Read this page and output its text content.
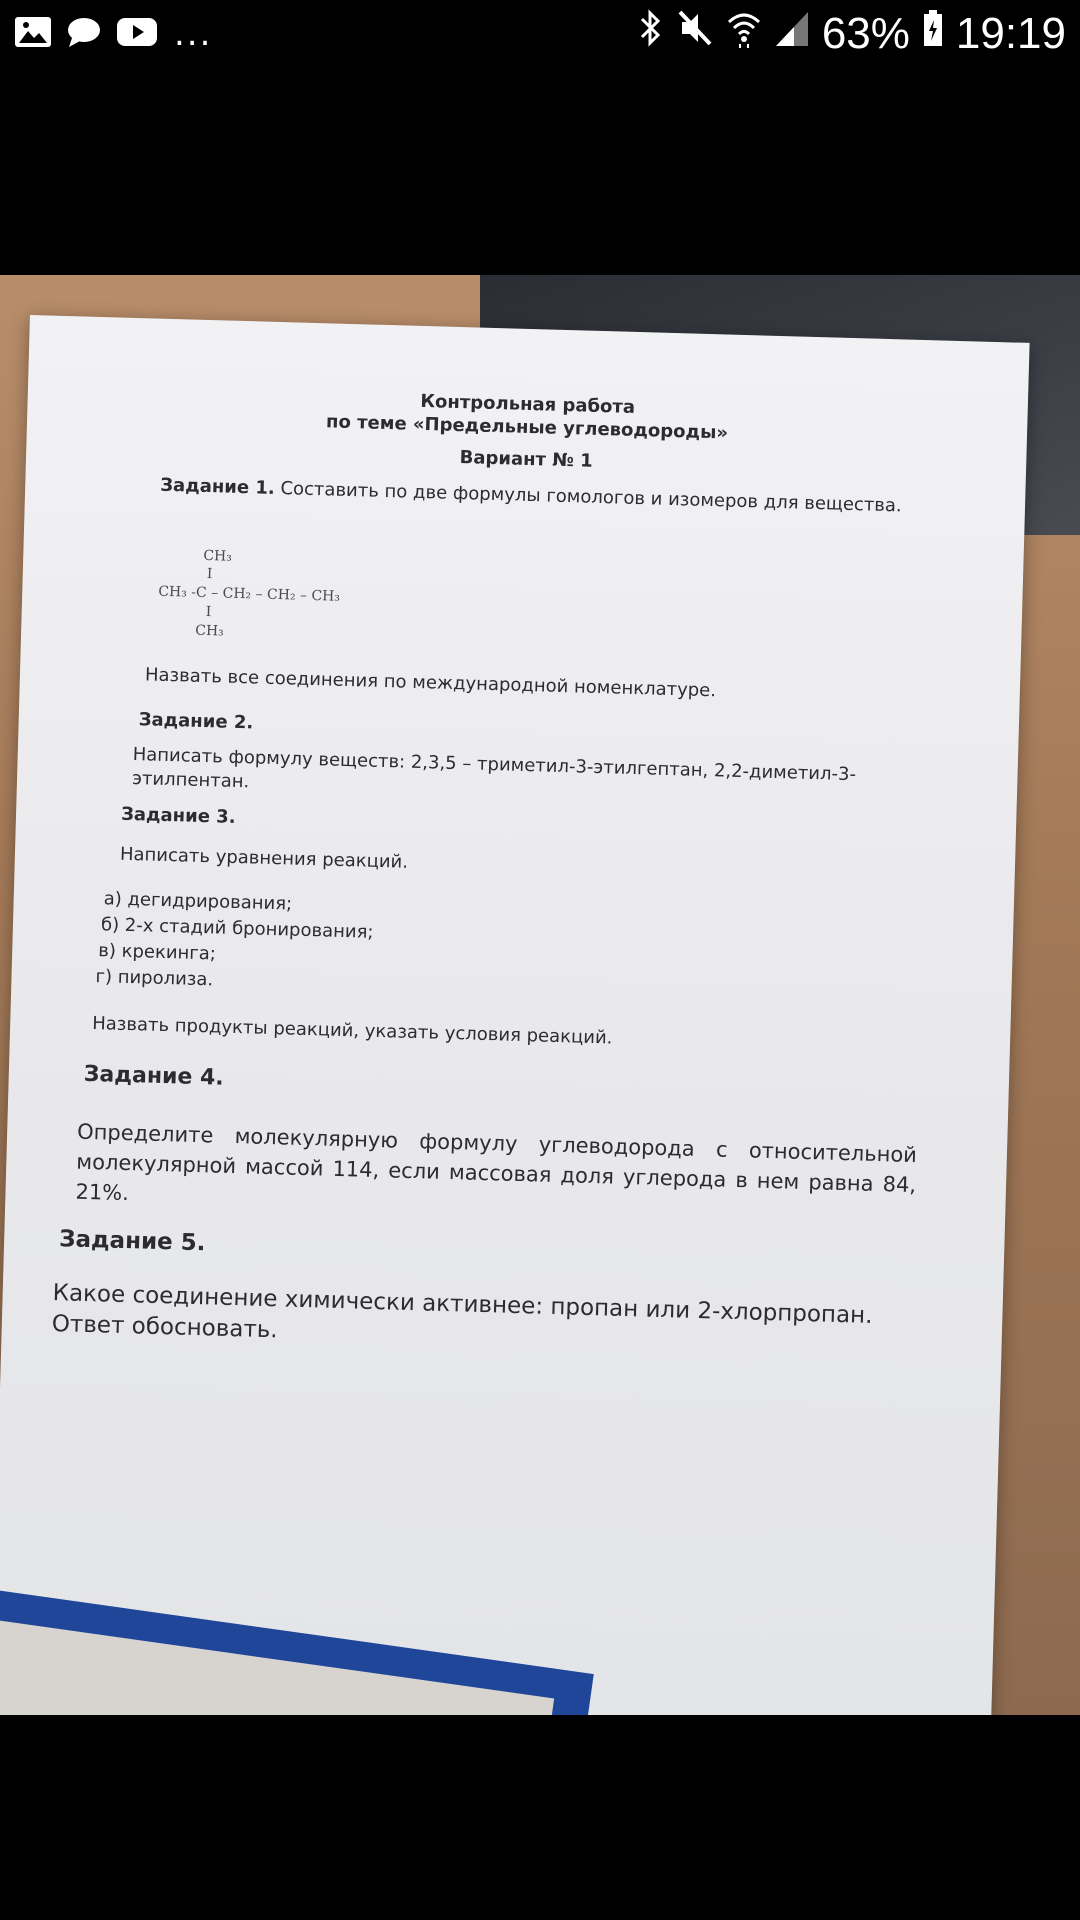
...	63% 19:19
Контрольная работа
по теме «Предельные углеводороды»
Вариант № 1
Задание 1. Составить по две формулы гомологов и изомеров для вещества.
CH₃
I
CH₃ -C – CH₂ – CH₂ – CH₃
I
CH₃
Назвать все соединения по международной номенклатуре.
Задание 2.
Написать формулу веществ: 2,3,5 – триметил-3-этилгептан, 2,2-диметил-3-этилпентан.
Задание 3.
Написать уравнения реакций.
а) дегидрирования;
б) 2-х стадий бронирования;
в) крекинга;
г) пиролиза.
Назвать продукты реакций, указать условия реакций.
Задание 4.
Определите молекулярную формулу углеводорода с относительной молекулярной массой 114, если массовая доля углерода в нем равна 84, 21%.
Задание 5.
Какое соединение химически активнее: пропан или 2-хлорпропан. Ответ обосновать.
